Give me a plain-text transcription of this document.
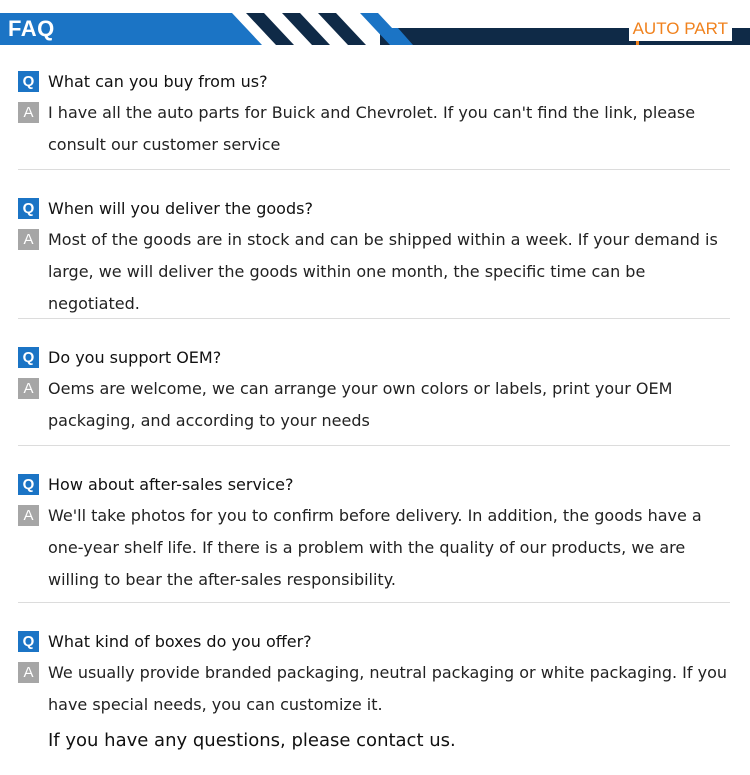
FAQ	AUTO PART
Q What can you buy from us?
A I have all the auto parts for Buick and Chevrolet. If you can't find the link, please consult our customer service
Q When will you deliver the goods?
A Most of the goods are in stock and can be shipped within a week. If your demand is large, we will deliver the goods within one month, the specific time can be negotiated.
Q Do you support OEM?
A Oems are welcome, we can arrange your own colors or labels, print your OEM packaging, and according to your needs
Q How about after-sales service?
A We'll take photos for you to confirm before delivery. In addition, the goods have a one-year shelf life. If there is a problem with the quality of our products, we are willing to bear the after-sales responsibility.
Q What kind of boxes do you offer?
A We usually provide branded packaging, neutral packaging or white packaging. If you have special needs, you can customize it.
If you have any questions, please contact us.
